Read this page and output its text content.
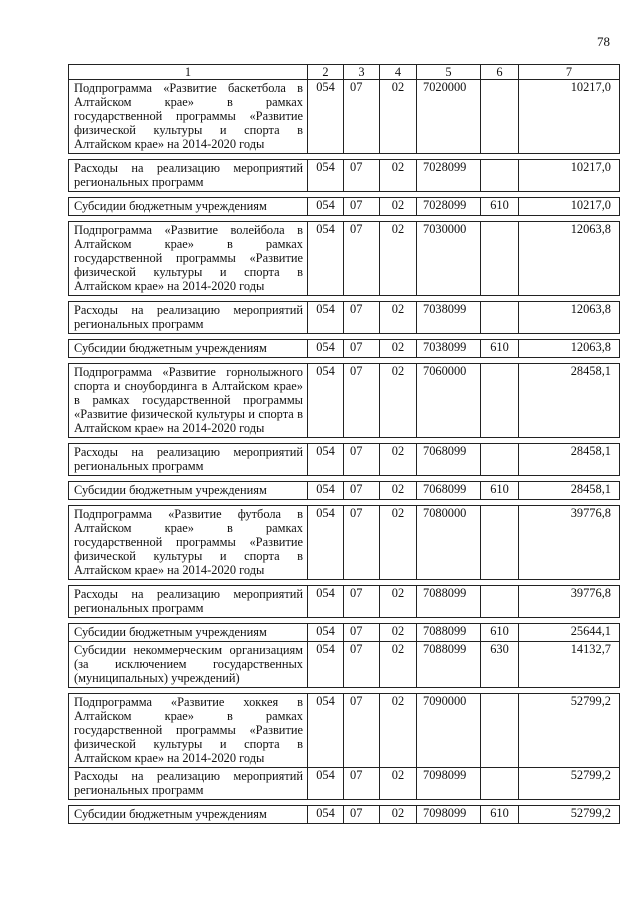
78
1	2	3	4	5	6	7
Подпрограмма «Развитие баскетбола в Алтайском крае» в рамках государственной программы «Развитие физической культуры и спорта в Алтайском крае» на 2014-2020 годы	054	07	02	7020000		10217,0

Расходы на реализацию мероприятий региональных программ	054	07	02	7028099		10217,0

Субсидии бюджетным учреждениям	054	07	02	7028099	610	10217,0

Подпрограмма «Развитие волейбола в Алтайском крае» в рамках государственной программы «Развитие физической культуры и спорта в Алтайском крае» на 2014-2020 годы	054	07	02	7030000		12063,8

Расходы на реализацию мероприятий региональных программ	054	07	02	7038099		12063,8

Субсидии бюджетным учреждениям	054	07	02	7038099	610	12063,8

Подпрограмма «Развитие горнолыжного спорта и сноубординга в Алтайском крае» в рамках государственной программы «Развитие физической культуры и спорта в Алтайском крае» на 2014-2020 годы	054	07	02	7060000		28458,1

Расходы на реализацию мероприятий региональных программ	054	07	02	7068099		28458,1

Субсидии бюджетным учреждениям	054	07	02	7068099	610	28458,1

Подпрограмма «Развитие футбола в Алтайском крае» в рамках государственной программы «Развитие физической культуры и спорта в Алтайском крае» на 2014-2020 годы	054	07	02	7080000		39776,8

Расходы на реализацию мероприятий региональных программ	054	07	02	7088099		39776,8

Субсидии бюджетным учреждениям	054	07	02	7088099	610	25644,1
Субсидии некоммерческим организациям (за исключением государственных (муниципальных) учреждений)	054	07	02	7088099	630	14132,7

Подпрограмма «Развитие хоккея в Алтайском крае» в рамках государственной программы «Развитие физической культуры и спорта в Алтайском крае» на 2014-2020 годы	054	07	02	7090000		52799,2
Расходы на реализацию мероприятий региональных программ	054	07	02	7098099		52799,2

Субсидии бюджетным учреждениям	054	07	02	7098099	610	52799,2
